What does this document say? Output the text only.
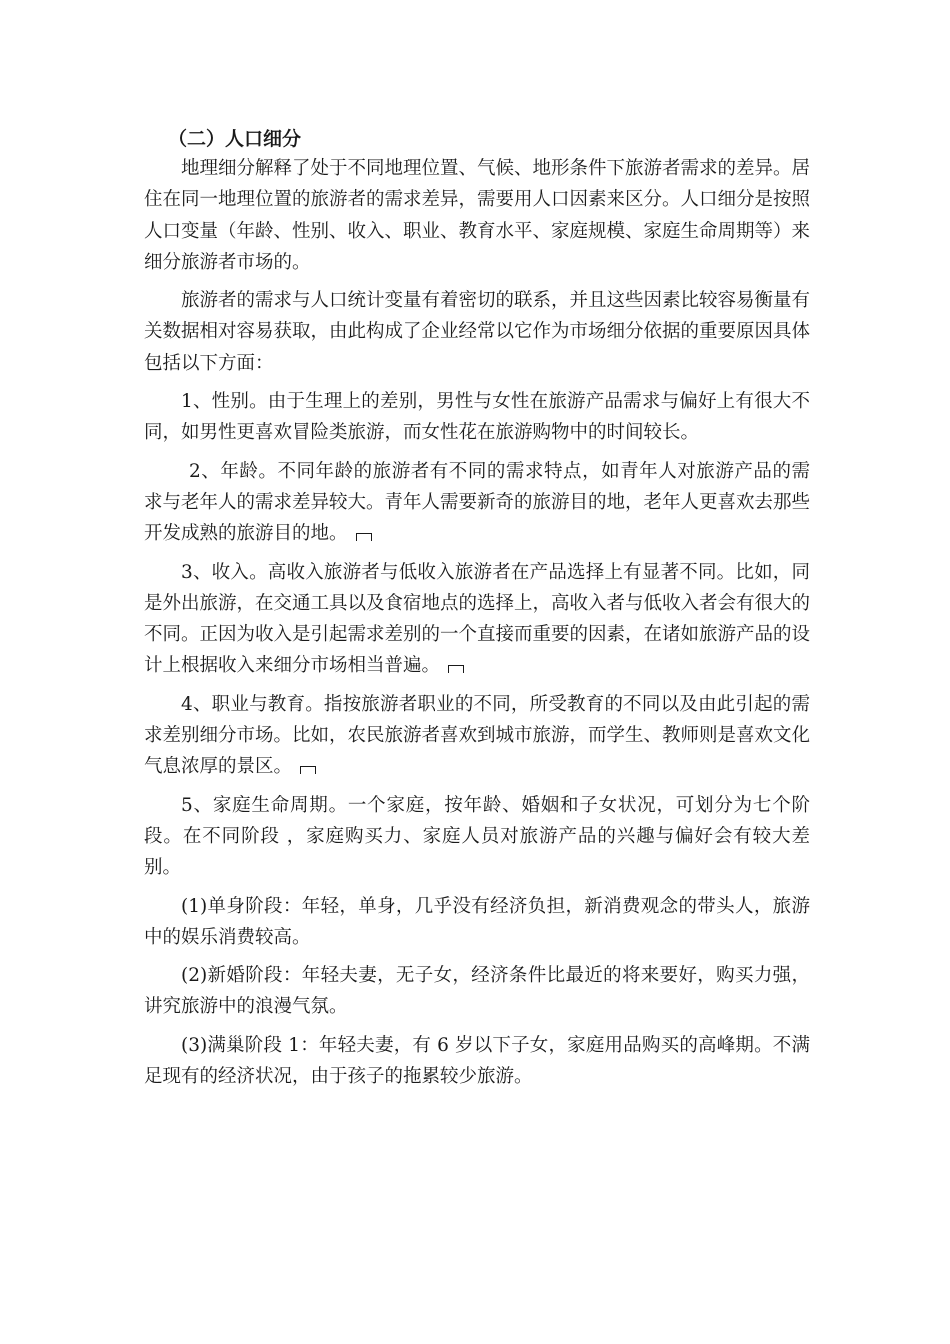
（二）人口细分

地理细分解释了处于不同地理位置、气候、地形条件下旅游者需求的差异。居住在同一地理位置的旅游者的需求差异，需要用人口因素来区分。人口细分是按照人口变量（年龄、性别、收入、职业、教育水平、家庭规模、家庭生命周期等）来细分旅游者市场的。

旅游者的需求与人口统计变量有着密切的联系，并且这些因素比较容易衡量有关数据相对容易获取，由此构成了企业经常以它作为市场细分依据的重要原因具体包括以下方面：

1、性别。由于生理上的差别，男性与女性在旅游产品需求与偏好上有很大不同，如男性更喜欢冒险类旅游，而女性花在旅游购物中的时间较长。

2、年龄。不同年龄的旅游者有不同的需求特点，如青年人对旅游产品的需求与老年人的需求差异较大。青年人需要新奇的旅游目的地，老年人更喜欢去那些开发成熟的旅游目的地。

3、收入。高收入旅游者与低收入旅游者在产品选择上有显著不同。比如，同是外出旅游，在交通工具以及食宿地点的选择上，高收入者与低收入者会有很大的不同。正因为收入是引起需求差别的一个直接而重要的因素，在诸如旅游产品的设计上根据收入来细分市场相当普遍。

4、职业与教育。指按旅游者职业的不同，所受教育的不同以及由此引起的需求差别细分市场。比如，农民旅游者喜欢到城市旅游，而学生、教师则是喜欢文化气息浓厚的景区。

5、家庭生命周期。一个家庭，按年龄、婚姻和子女状况，可划分为七个阶段。在不同阶段 ，家庭购买力、家庭人员对旅游产品的兴趣与偏好会有较大差别。

(1)单身阶段：年轻，单身，几乎没有经济负担，新消费观念的带头人，旅游中的娱乐消费较高。

(2)新婚阶段：年轻夫妻，无子女，经济条件比最近的将来要好，购买力强，讲究旅游中的浪漫气氛。

(3)满巢阶段 1：年轻夫妻，有 6 岁以下子女，家庭用品购买的高峰期。不满足现有的经济状况，由于孩子的拖累较少旅游。
